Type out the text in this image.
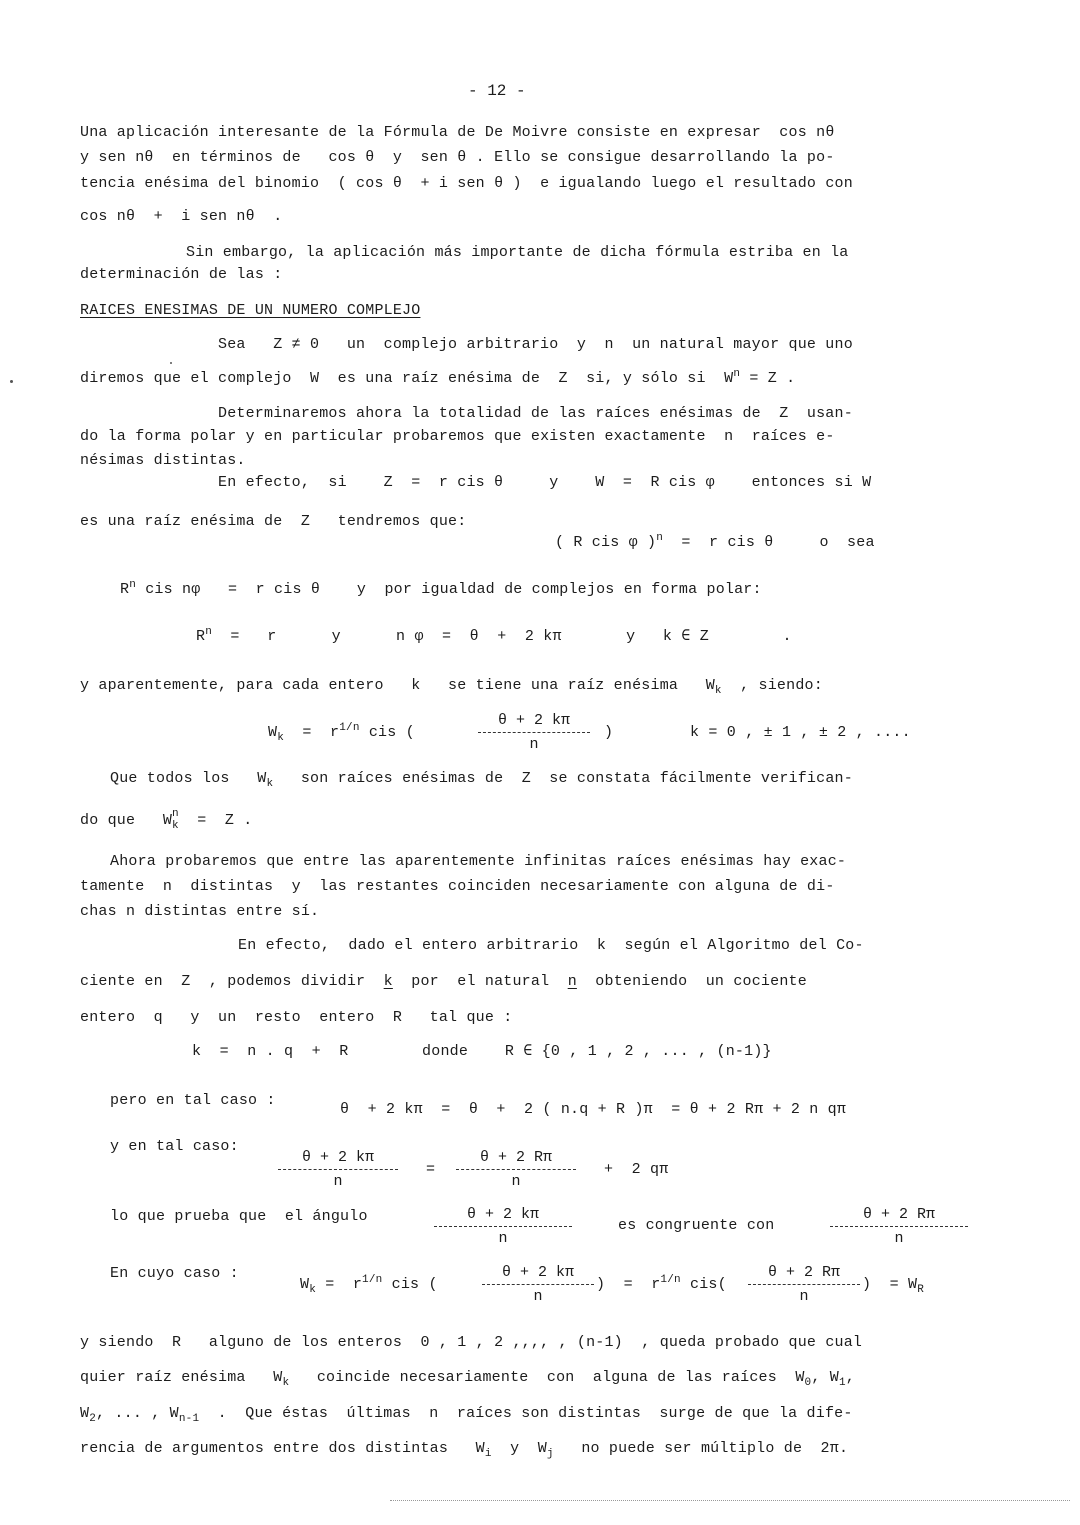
- 12 -
Una aplicación interesante de la Fórmula de De Moivre consiste en expresar  cos nθ
y sen nθ  en términos de   cos θ  y  sen θ . Ello se consigue desarrollando la po-
tencia enésima del binomio  ( cos θ  + i sen θ )  e igualando luego el resultado con
cos nθ  +  i sen nθ  .
Sin embargo, la aplicación más importante de dicha fórmula estriba en la
determinación de las :
RAICES ENESIMAS DE UN NUMERO COMPLEJO
Sea   Z ≠ 0   un  complejo arbitrario  y  n  un natural mayor que uno
diremos que el complejo  W  es una raíz enésima de  Z  si, y sólo si  $W^n = Z$ .
Determinaremos ahora la totalidad de las raíces enésimas de  Z  usan-
do la forma polar y en particular probaremos que existen exactamente  n  raíces e-
nésimas distintas.
En efecto,  si    Z  =  r cis θ     y    W  =  R cis φ    entonces si W
es una raíz enésima de  Z   tendremos que:
( R cis φ )$^n$  =  r cis θ     o  sea
$R^n$ cis nφ   =  r cis θ    y  por igualdad de complejos en forma polar:
$R^n = r$      y      n φ  =  θ  +  2 kπ       y   k ∈ Z        .
y aparentemente, para cada entero   k   se tiene una raíz enésima   $W_k$  , siendo:
$W_k = r^{1/n}$ cis (
θ + 2 kπ
n
)	k = 0 , ± 1 , ± 2 , ....
Que todos los   $W_k$   son raíces enésimas de  Z  se constata fácilmente verifican-
do que   W n
k =  Z .
Ahora probaremos que entre las aparentemente infinitas raíces enésimas hay exac-
tamente  n  distintas  y  las restantes coinciden necesariamente con alguna de di-
chas n distintas entre sí.
En efecto,  dado el entero arbitrario  k  según el Algoritmo del Co-
ciente en  Z  , podemos dividir  k  por  el natural  n  obteniendo  un cociente
entero  q   y  un  resto  entero  R   tal que :
k  =  n . q  +  R        donde    R ∈ {0 , 1 , 2 , ... , (n-1)}
pero en tal caso :
θ  + 2 kπ  =  θ  +  2 ( n.q + R )π  = θ + 2 Rπ + 2 n qπ
y en tal caso:
θ + 2 kπ
n
=
θ + 2 Rπ
n
+  2 qπ
lo que prueba que  el ángulo	θ + 2 kπ
n
es congruente con
θ + 2 Rπ
n
En cuyo caso :
$W_k = r^{1/n}$ cis (
θ + 2 kπ
n
) =  $r^{1/n}$ cis(
θ + 2 Rπ
n
) = $W_R$
y siendo  R   alguno de los enteros  0 , 1 , 2 ,,,, , (n-1)  , queda probado que cual
quier raíz enésima   $W_k$   coincide necesariamente  con  alguna de las raíces  $W_0$, $W_1$,
$W_2$, ... , $W_{n-1}$  .  Que éstas  últimas  n  raíces son distintas  surge de que la dife-
rencia de argumentos entre dos distintas   $W_i$  y  $W_j$   no puede ser múltiplo de  2π.
